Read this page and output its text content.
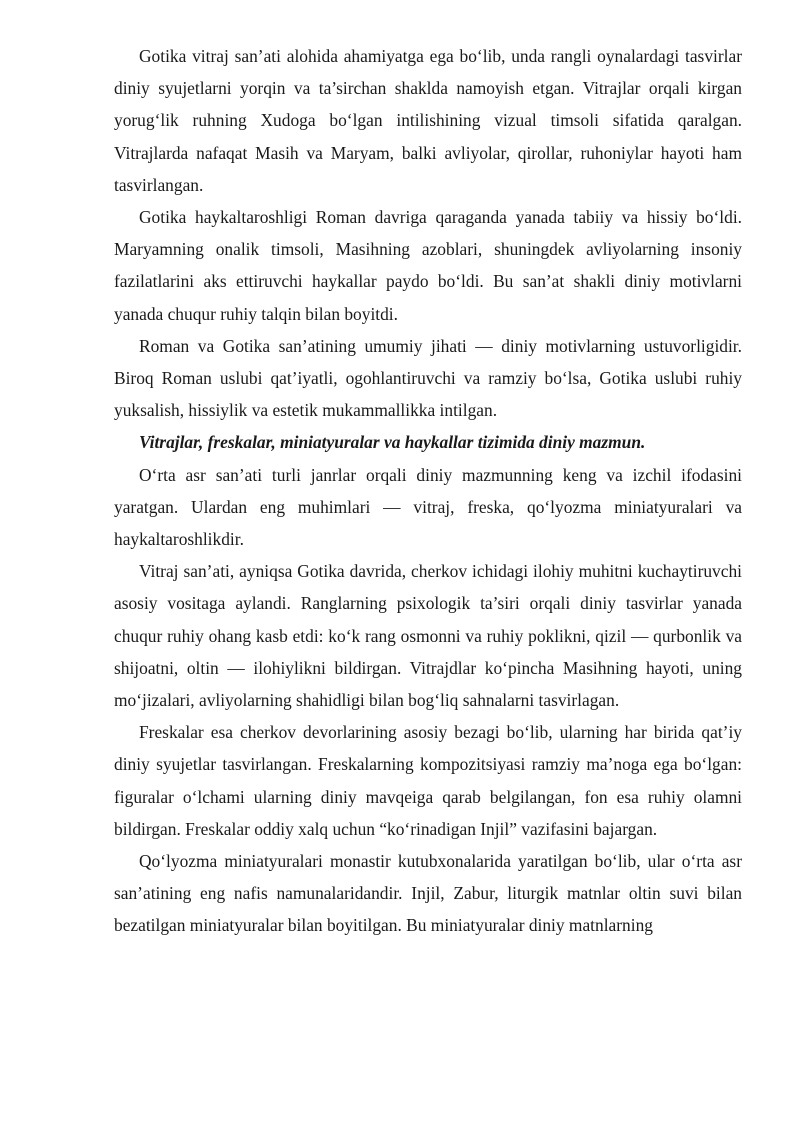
Gotika vitraj san’ati alohida ahamiyatga ega bo‘lib, unda rangli oynalardagi tasvirlar diniy syujetlarni yorqin va ta’sirchan shaklda namoyish etgan. Vitrajlar orqali kirgan yorug‘lik ruhning Xudoga bo‘lgan intilishining vizual timsoli sifatida qaralgan. Vitrajlarda nafaqat Masih va Maryam, balki avliyolar, qirollar, ruhoniylar hayoti ham tasvirlangan.

Gotika haykaltaroshligi Roman davriga qaraganda yanada tabiiy va hissiy bo‘ldi. Maryamning onalik timsoli, Masihning azoblari, shuningdek avliyolarning insoniy fazilatlarini aks ettiruvchi haykallar paydo bo‘ldi. Bu san’at shakli diniy motivlarni yanada chuqur ruhiy talqin bilan boyitdi.

Roman va Gotika san’atining umumiy jihati — diniy motivlarning ustuvorligidir. Biroq Roman uslubi qat’iyatli, ogohlantiruvchi va ramziy bo‘lsa, Gotika uslubi ruhiy yuksalish, hissiylik va estetik mukammallikka intilgan.

Vitrajlar, freskalar, miniatyuralar va haykallar tizimida diniy mazmun.

O‘rta asr san’ati turli janrlar orqali diniy mazmunning keng va izchil ifodasini yaratgan. Ulardan eng muhimlari — vitraj, freska, qo‘lyozma miniatyuralari va haykaltaroshlikdir.

Vitraj san’ati, ayniqsa Gotika davrida, cherkov ichidagi ilohiy muhitni kuchaytiruvchi asosiy vositaga aylandi. Ranglarning psixologik ta’siri orqali diniy tasvirlar yanada chuqur ruhiy ohang kasb etdi: ko‘k rang osmonni va ruhiy poklikni, qizil — qurbonlik va shijoatni, oltin — ilohiylikni bildirgan. Vitrajdlar ko‘pincha Masihning hayoti, uning mo‘jizalari, avliyolarning shahidligi bilan bog‘liq sahnalarni tasvirlagan.

Freskalar esa cherkov devorlarining asosiy bezagi bo‘lib, ularning har birida qat’iy diniy syujetlar tasvirlangan. Freskalarning kompozitsiyasi ramziy ma’noga ega bo‘lgan: figuralar o‘lchami ularning diniy mavqeiga qarab belgilangan, fon esa ruhiy olamni bildirgan. Freskalar oddiy xalq uchun “ko‘rinadigan Injil” vazifasini bajargan.

Qo‘lyozma miniatyuralari monastir kutubxonalarida yaratilgan bo‘lib, ular o‘rta asr san’atining eng nafis namunalaridandir. Injil, Zabur, liturgik matnlar oltin suvi bilan bezatilgan miniatyuralar bilan boyitilgan. Bu miniatyuralar diniy matnlarning
